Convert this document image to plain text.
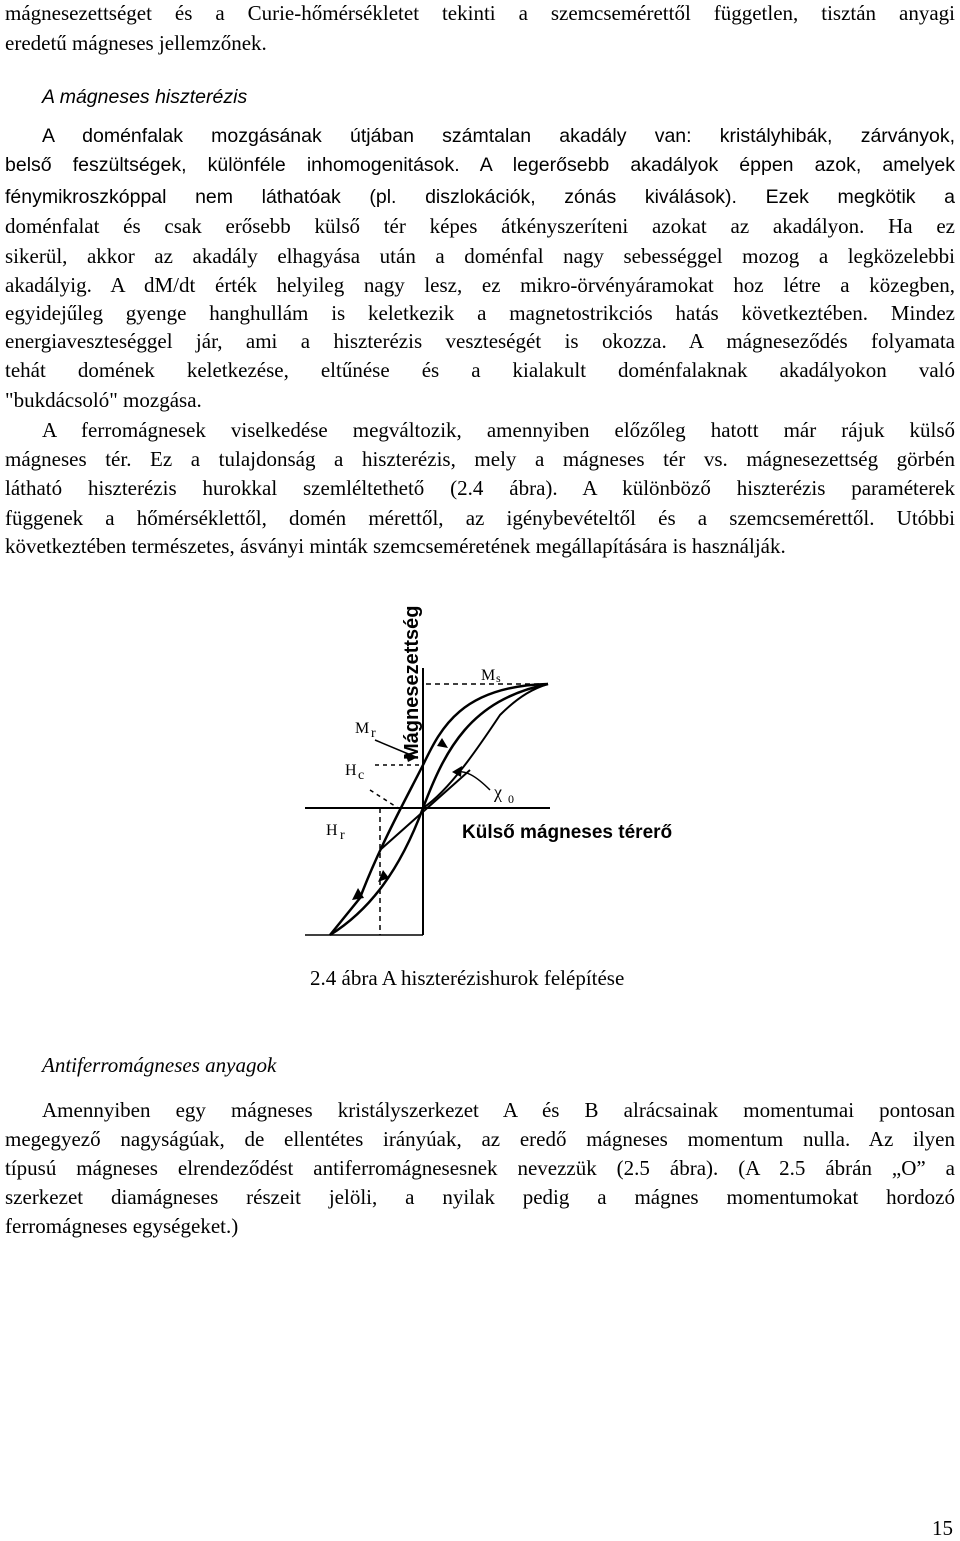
mágnesezettséget és a Curie-hőmérsékletet tekinti a szemcsemérettől független, tisztán anyagi
eredetű mágneses jellemzőnek.
A mágneses hiszterézis
A doménfalak mozgásának útjában számtalan akadály van: kristályhibák, zárványok,
belső feszültségek, különféle inhomogenitások. A legerősebb akadályok éppen azok, amelyek
fénymikroszkóppal nem láthatóak (pl. diszlokációk, zónás kiválások). Ezek megkötik a
doménfalat és csak erősebb külső tér képes átkényszeríteni azokat az akadályon. Ha ez
sikerül, akkor az akadály elhagyása után a doménfal nagy sebességgel mozog a legközelebbi
akadályig. A dM/dt érték helyileg nagy lesz, ez mikro-örvényáramokat hoz létre a közegben,
egyidejűleg gyenge hanghullám is keletkezik a magnetostrikciós hatás következtében. Mindez
energiaveszteséggel jár, ami a hiszterézis veszteségét is okozza. A mágneseződés folyamata
tehát domének keletkezése, eltűnése és a kialakult doménfalaknak akadályokon való
"bukdácsoló" mozgása.
A ferromágnesek viselkedése megváltozik, amennyiben előzőleg hatott már rájuk külső
mágneses tér. Ez a tulajdonság a hiszterézis, mely a mágneses tér vs. mágnesezettség görbén
látható hiszterézis hurokkal szemléltethető (2.4 ábra). A különböző hiszterézis paraméterek
függenek a hőmérséklettől, domén mérettől, az igénybevételtől és a szemcsemérettől. Utóbbi
következtében természetes, ásványi minták szemcseméretének megállapítására is használják.
Mágnesezettség
Külső mágneses térerő
M s
M r
H c
H r
χ 0
2.4 ábra A hiszterézishurok felépítése
Antiferromágneses anyagok
Amennyiben egy mágneses kristályszerkezet A és B alrácsainak momentumai pontosan
megegyező nagyságúak, de ellentétes irányúak, az eredő mágneses momentum nulla. Az ilyen
típusú mágneses elrendeződést antiferromágnesesnek nevezzük (2.5 ábra). (A 2.5 ábrán „O” a
szerkezet diamágneses részeit jelöli, a nyilak pedig a mágnes momentumokat hordozó
ferromágneses egységeket.)
15
